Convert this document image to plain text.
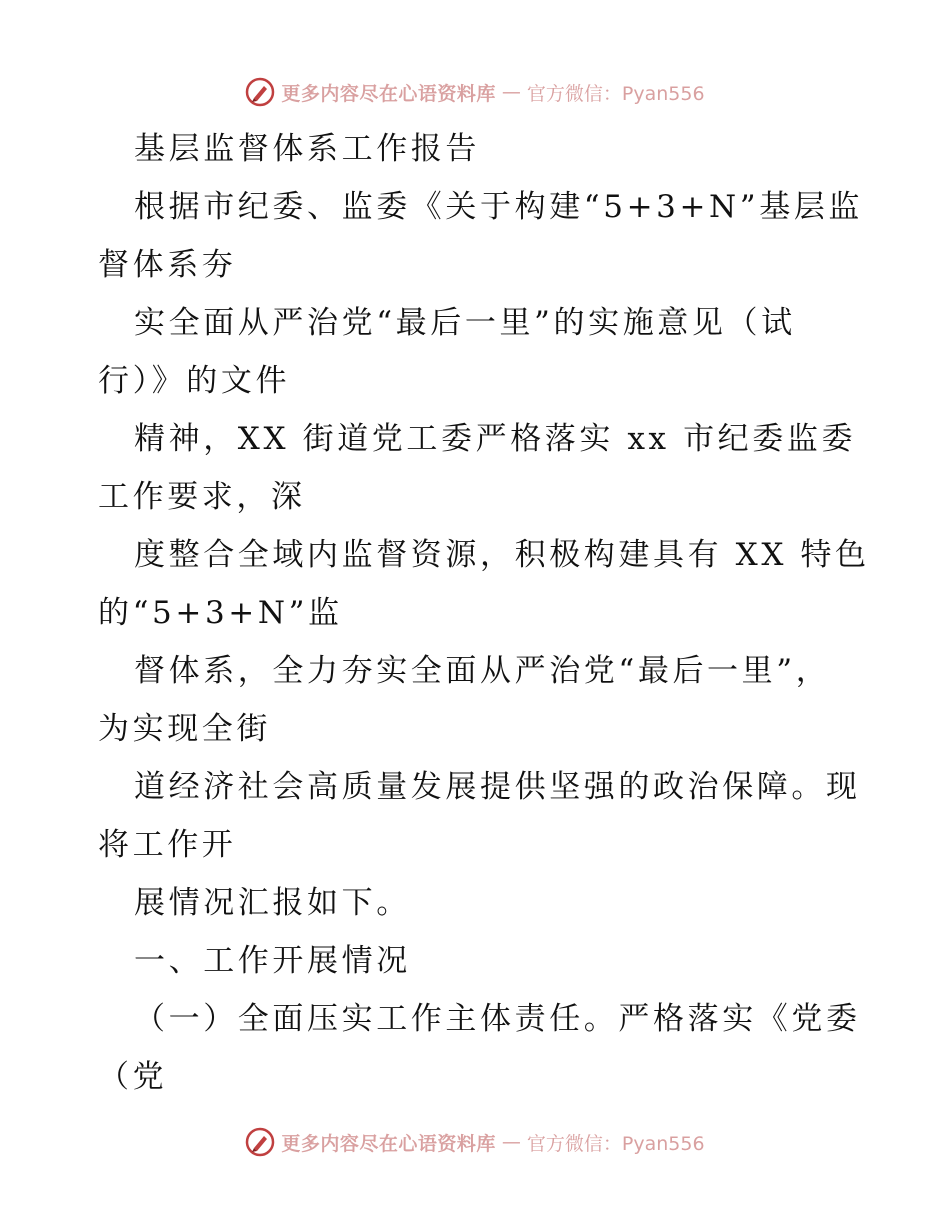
更多内容尽在心语资料库 — 官方微信：Pyan556
基层监督体系工作报告
根据市纪委、监委《关于构建“5+3+N”基层监
督体系夯
实全面从严治党“最后一里”的实施意见（试
行）》的文件
精神，XX 街道党工委严格落实 xx 市纪委监委
工作要求，深
度整合全域内监督资源，积极构建具有 XX 特色
的“5+3+N”监
督体系，全力夯实全面从严治党“最后一里”，
为实现全街
道经济社会高质量发展提供坚强的政治保障。现
将工作开
展情况汇报如下。
一、工作开展情况
（一）全面压实工作主体责任。严格落实《党委
（党
更多内容尽在心语资料库 — 官方微信：Pyan556
